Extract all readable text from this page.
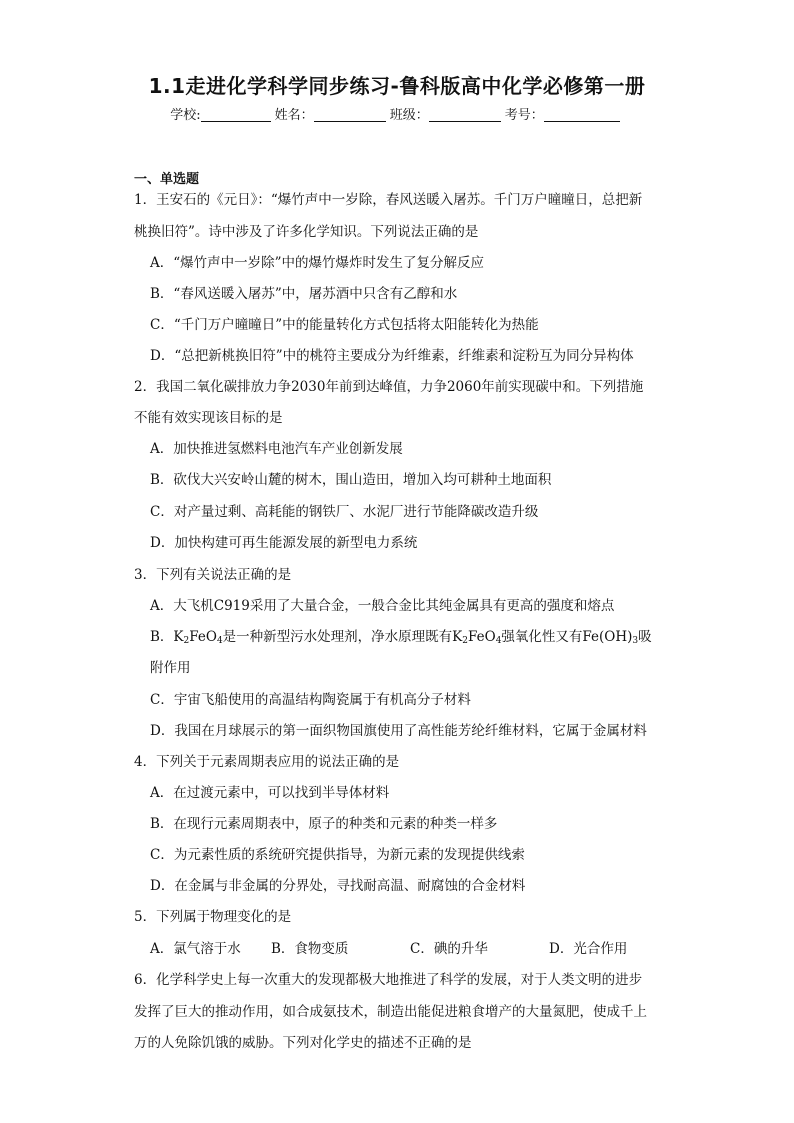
1.1走进化学科学同步练习-鲁科版高中化学必修第一册
学校:	姓名：	班级：	考号：
一、单选题
1．王安石的《元日》：“爆竹声中一岁除，春风送暖入屠苏。千门万户曈曈日，总把新
桃换旧符”。诗中涉及了许多化学知识。下列说法正确的是
A．“爆竹声中一岁除”中的爆竹爆炸时发生了复分解反应
B．“春风送暖入屠苏”中，屠苏酒中只含有乙醇和水
C．“千门万户曈曈日”中的能量转化方式包括将太阳能转化为热能
D．“总把新桃换旧符”中的桃符主要成分为纤维素，纤维素和淀粉互为同分异构体
2．我国二氧化碳排放力争2030年前到达峰值，力争2060年前实现碳中和。下列措施
不能有效实现该目标的是
A．加快推进氢燃料电池汽车产业创新发展
B．砍伐大兴安岭山麓的树木，围山造田，增加入均可耕种土地面积
C．对产量过剩、高耗能的钢铁厂、水泥厂进行节能降碳改造升级
D．加快构建可再生能源发展的新型电力系统
3．下列有关说法正确的是
A．大飞机C919采用了大量合金，一般合金比其纯金属具有更高的强度和熔点
B．$K_2FeO_4$是一种新型污水处理剂，净水原理既有$K_2FeO_4$强氧化性又有$Fe(OH)_3$吸
附作用
C．宇宙飞船使用的高温结构陶瓷属于有机高分子材料
D．我国在月球展示的第一面织物国旗使用了高性能芳纶纤维材料，它属于金属材料
4．下列关于元素周期表应用的说法正确的是
A．在过渡元素中，可以找到半导体材料
B．在现行元素周期表中，原子的种类和元素的种类一样多
C．为元素性质的系统研究提供指导，为新元素的发现提供线索
D．在金属与非金属的分界处，寻找耐高温、耐腐蚀的合金材料
5．下列属于物理变化的是
A．氯气溶于水 B．食物变质	C．碘的升华	D．光合作用
6．化学科学史上每一次重大的发现都极大地推进了科学的发展，对于人类文明的进步
发挥了巨大的推动作用，如合成氨技术，制造出能促进粮食增产的大量氮肥，使成千上
万的人免除饥饿的威胁。下列对化学史的描述不正确的是
